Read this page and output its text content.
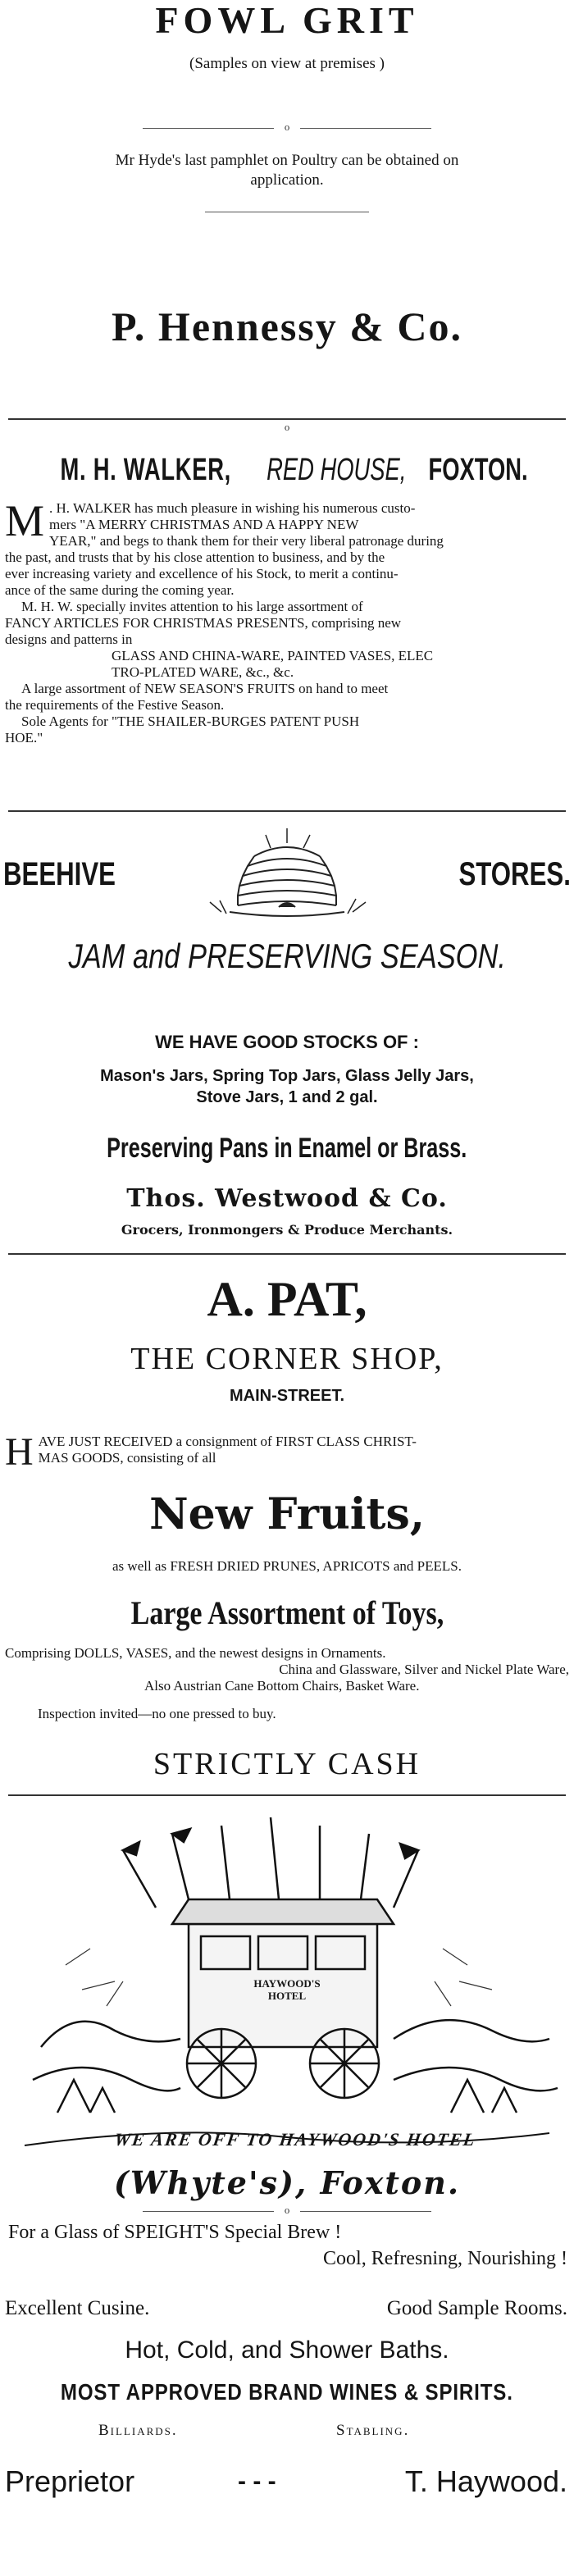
FOWL GRIT
(Samples on view at premises )
o
Mr Hyde's last pamphlet on Poultry can be obtained on
application.
P. Hennessy & Co.
o
M. H. WALKER, RED HOUSE, FOXTON.
M . H. WALKER has much pleasure in wishing his numerous custo-
mers "A MERRY CHRISTMAS AND A HAPPY NEW
YEAR," and begs to thank them for their very liberal patronage during
the past, and trusts that by his close attention to business, and by the
ever increasing variety and excellence of his Stock, to merit a continu-
ance of the same during the coming year.
M. H. W. specially invites attention to his large assortment of
FANCY ARTICLES FOR CHRISTMAS PRESENTS, comprising new
designs and patterns in
GLASS AND CHINA-WARE, PAINTED VASES, ELEC
TRO-PLATED WARE, &c., &c.
A large assortment of NEW SEASON'S FRUITS on hand to meet
the requirements of the Festive Season.
Sole Agents for "THE SHAILER-BURGES PATENT PUSH
HOE."
BEEHIVE	STORES.
JAM and PRESERVING SEASON.
WE HAVE GOOD STOCKS OF :
Mason's Jars, Spring Top Jars, Glass Jelly Jars,
Stove Jars, 1 and 2 gal.
Preserving Pans in Enamel or Brass.
Thos. Westwood & Co.
Grocers, Ironmongers & Produce Merchants.
A. PAT,
THE CORNER SHOP,
MAIN-STREET.
H AVE JUST RECEIVED a consignment of FIRST CLASS CHRIST-
MAS GOODS, consisting of all
New Fruits,
as well as FRESH DRIED PRUNES, APRICOTS and PEELS.
Large Assortment of Toys,
Comprising DOLLS, VASES, and the newest designs in Ornaments.
China and Glassware, Silver and Nickel Plate Ware,
Also Austrian Cane Bottom Chairs, Basket Ware.
Inspection invited—no one pressed to buy.
STRICTLY CASH
HAYWOOD'S
HOTEL
WE ARE OFF TO HAYWOOD'S HOTEL
(Whyte's), Foxton.
o
For a Glass of SPEIGHT'S Special Brew !
Cool, Refresning, Nourishing !
Excellent Cusine.	Good Sample Rooms.
Hot, Cold, and Shower Baths.
MOST APPROVED BRAND WINES & SPIRITS.
Billiards.	Stabling.
Preprietоr	- - -	T. Haywood.
